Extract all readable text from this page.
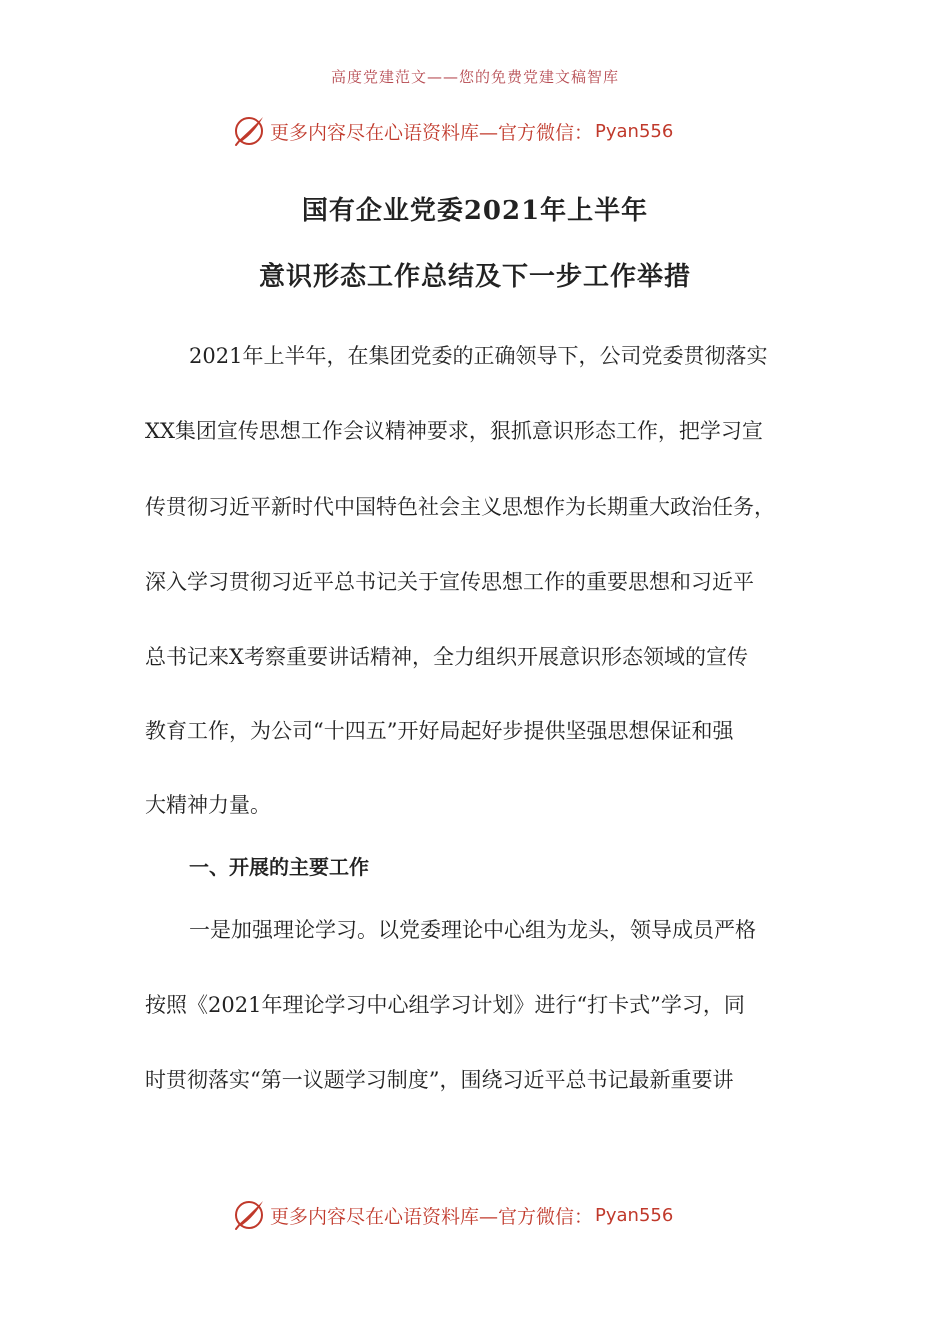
高度党建范文——您的免费党建文稿智库
更多内容尽在心语资料库—官方微信： Pyan556
国有企业党委2021年上半年
意识形态工作总结及下一步工作举措
2021年上半年，在集团党委的正确领导下，公司党委贯彻落实
XX集团宣传思想工作会议精神要求，狠抓意识形态工作，把学习宣
传贯彻习近平新时代中国特色社会主义思想作为长期重大政治任务，
深入学习贯彻习近平总书记关于宣传思想工作的重要思想和习近平
总书记来X考察重要讲话精神，全力组织开展意识形态领域的宣传
教育工作，为公司“十四五”开好局起好步提供坚强思想保证和强
大精神力量。
一、开展的主要工作
一是加强理论学习。以党委理论中心组为龙头，领导成员严格
按照《2021年理论学习中心组学习计划》进行“打卡式”学习，同
时贯彻落实“第一议题学习制度”，围绕习近平总书记最新重要讲
更多内容尽在心语资料库—官方微信： Pyan556
